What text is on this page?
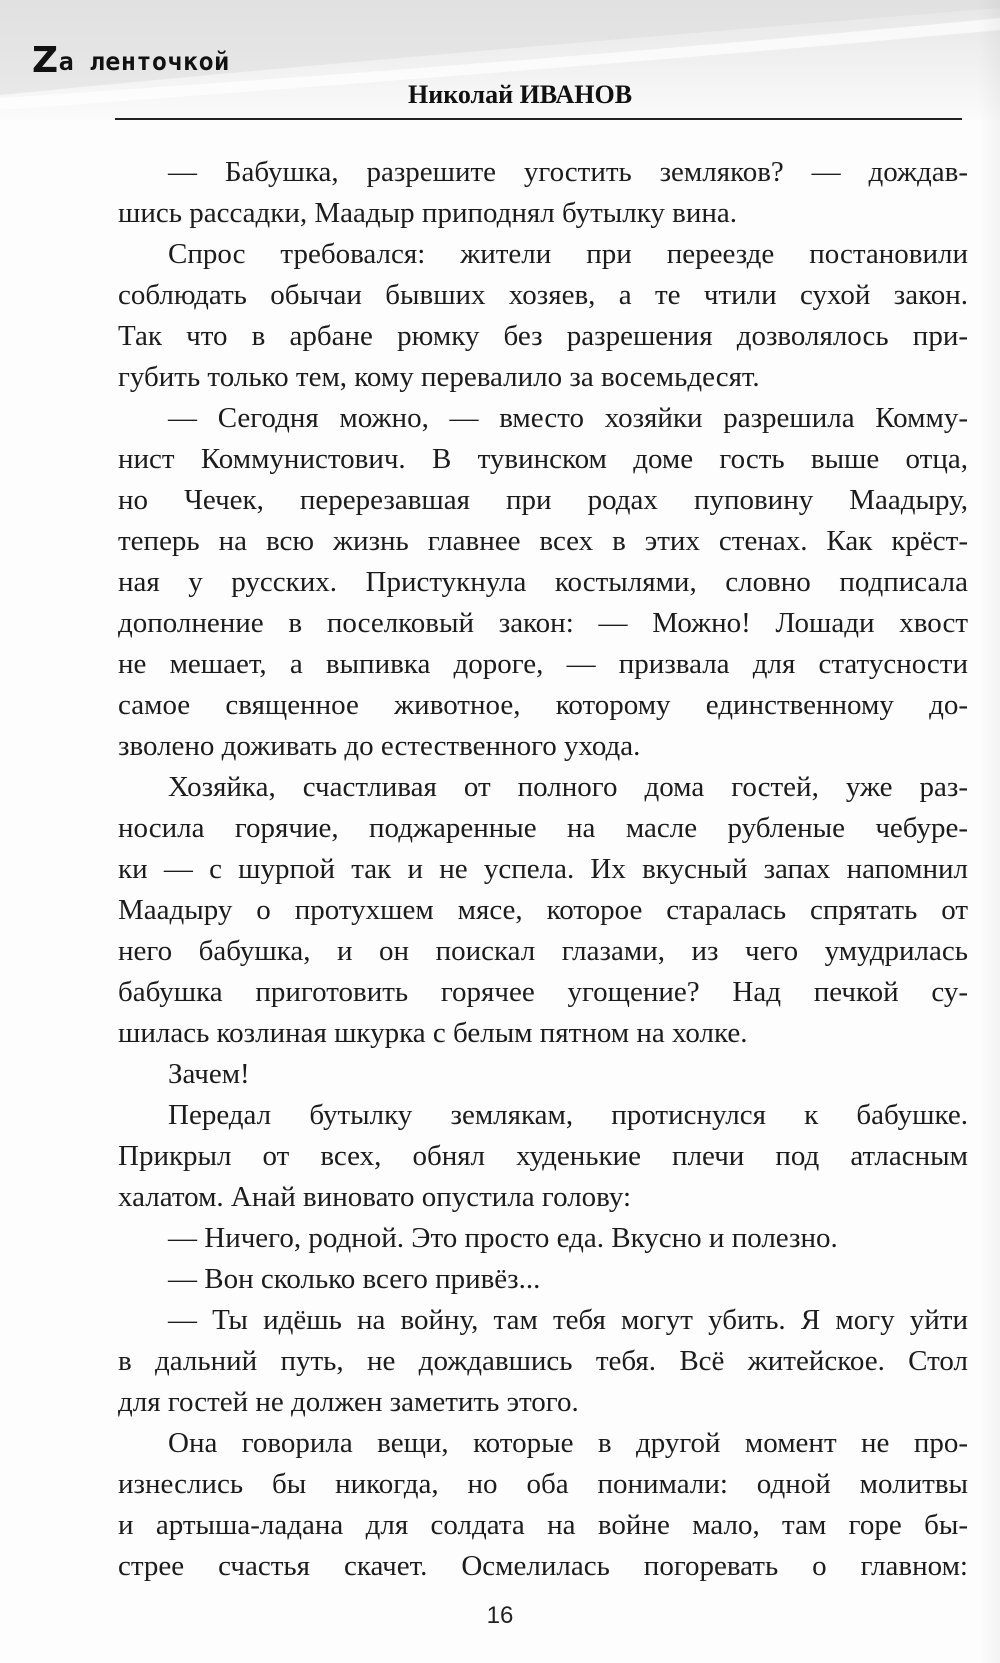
Zа ленточкой
Николай ИВАНОВ
— Бабушка, разрешите угостить земляков? — дождав-
шись рассадки, Маадыр приподнял бутылку вина.
Спрос требовался: жители при переезде постановили
соблюдать обычаи бывших хозяев, а те чтили сухой закон.
Так что в арбане рюмку без разрешения дозволялось при-
губить только тем, кому перевалило за восемьдесят.
— Сегодня можно, — вместо хозяйки разрешила Комму-
нист Коммунистович. В тувинском доме гость выше отца,
но Чечек, перерезавшая при родах пуповину Маадыру,
теперь на всю жизнь главнее всех в этих стенах. Как крёст-
ная у русских. Пристукнула костылями, словно подписала
дополнение в поселковый закон: — Можно! Лошади хвост
не мешает, а выпивка дороге, — призвала для статусности
самое священное животное, которому единственному до-
зволено доживать до естественного ухода.
Хозяйка, счастливая от полного дома гостей, уже раз-
носила горячие, поджаренные на масле рубленые чебуре-
ки — с шурпой так и не успела. Их вкусный запах напомнил
Маадыру о протухшем мясе, которое старалась спрятать от
него бабушка, и он поискал глазами, из чего умудрилась
бабушка приготовить горячее угощение? Над печкой су-
шилась козлиная шкурка с белым пятном на холке.
Зачем!
Передал бутылку землякам, протиснулся к бабушке.
Прикрыл от всех, обнял худенькие плечи под атласным
халатом. Анай виновато опустила голову:
— Ничего, родной. Это просто еда. Вкусно и полезно.
— Вон сколько всего привёз...
— Ты идёшь на войну, там тебя могут убить. Я могу уйти
в дальний путь, не дождавшись тебя. Всё житейское. Стол
для гостей не должен заметить этого.
Она говорила вещи, которые в другой момент не про-
изнеслись бы никогда, но оба понимали: одной молитвы
и артыша-ладана для солдата на войне мало, там горе бы-
стрее счастья скачет. Осмелилась погоревать о главном:
16
